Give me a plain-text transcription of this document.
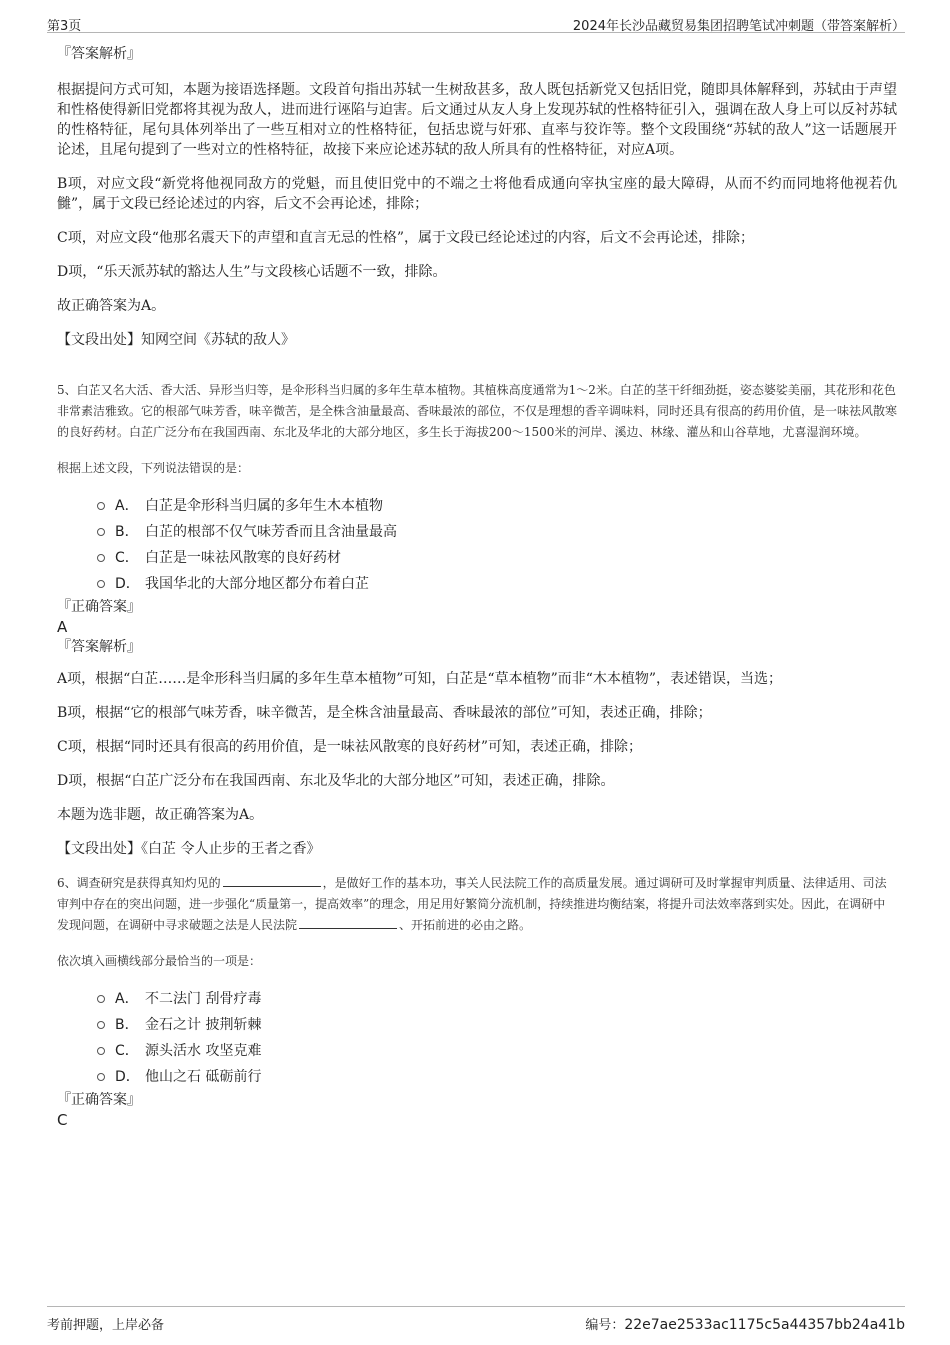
第3页	2024年长沙品藏贸易集团招聘笔试冲刺题（带答案解析）

『答案解析』

根据提问方式可知，本题为接语选择题。文段首句指出苏轼一生树敌甚多，敌人既包括新党又包括旧党，随即具体解释到，苏轼由于声望和性格使得新旧党都将其视为敌人，进而进行诬陷与迫害。后文通过从友人身上发现苏轼的性格特征引入，强调在敌人身上可以反衬苏轼的性格特征，尾句具体列举出了一些互相对立的性格特征，包括忠谠与奸邪、直率与狡诈等。整个文段围绕“苏轼的敌人”这一话题展开论述，且尾句提到了一些对立的性格特征，故接下来应论述苏轼的敌人所具有的性格特征，对应A项。

B项，对应文段“新党将他视同敌方的党魁，而且使旧党中的不端之士将他看成通向宰执宝座的最大障碍，从而不约而同地将他视若仇雠”，属于文段已经论述过的内容，后文不会再论述，排除；

C项，对应文段“他那名震天下的声望和直言无忌的性格”，属于文段已经论述过的内容，后文不会再论述，排除；

D项，“乐天派苏轼的豁达人生”与文段核心话题不一致，排除。

故正确答案为A。

【文段出处】知网空间《苏轼的敌人》

5、白芷又名大活、香大活、异形当归等，是伞形科当归属的多年生草本植物。其植株高度通常为1～2米。白芷的茎干纤细劲挺，姿态婆娑美丽，其花形和花色非常素洁雅致。它的根部气味芳香，味辛微苦，是全株含油量最高、香味最浓的部位，不仅是理想的香辛调味料，同时还具有很高的药用价值，是一味祛风散寒的良好药材。白芷广泛分布在我国西南、东北及华北的大部分地区，多生长于海拔200～1500米的河岸、溪边、林缘、灌丛和山谷草地，尤喜湿润环境。

根据上述文段，下列说法错误的是：

A． 白芷是伞形科当归属的多年生木本植物
B． 白芷的根部不仅气味芳香而且含油量最高
C． 白芷是一味祛风散寒的良好药材
D． 我国华北的大部分地区都分布着白芷

『正确答案』

A

『答案解析』

A项，根据“白芷……是伞形科当归属的多年生草本植物”可知，白芷是“草本植物”而非“木本植物”，表述错误，当选；

B项，根据“它的根部气味芳香，味辛微苦，是全株含油量最高、香味最浓的部位”可知，表述正确，排除；

C项，根据“同时还具有很高的药用价值，是一味祛风散寒的良好药材”可知，表述正确，排除；

D项，根据“白芷广泛分布在我国西南、东北及华北的大部分地区”可知，表述正确，排除。

本题为选非题，故正确答案为A。

【文段出处】《白芷 令人止步的王者之香》

6、调查研究是获得真知灼见的	，是做好工作的基本功，事关人民法院工作的高质量发展。通过调研可及时掌握审判质量、法律适用、司法审判中存在的突出问题，进一步强化“质量第一，提高效率”的理念，用足用好繁简分流机制，持续推进均衡结案，将提升司法效率落到实处。因此，在调研中发现问题，在调研中寻求破题之法是人民法院	、开拓前进的必由之路。

依次填入画横线部分最恰当的一项是：

A． 不二法门 刮骨疗毒
B． 金石之计 披荆斩棘
C． 源头活水 攻坚克难
D． 他山之石 砥砺前行

『正确答案』

C

考前押题，上岸必备	编号：22e7ae2533ac1175c5a44357bb24a41b
